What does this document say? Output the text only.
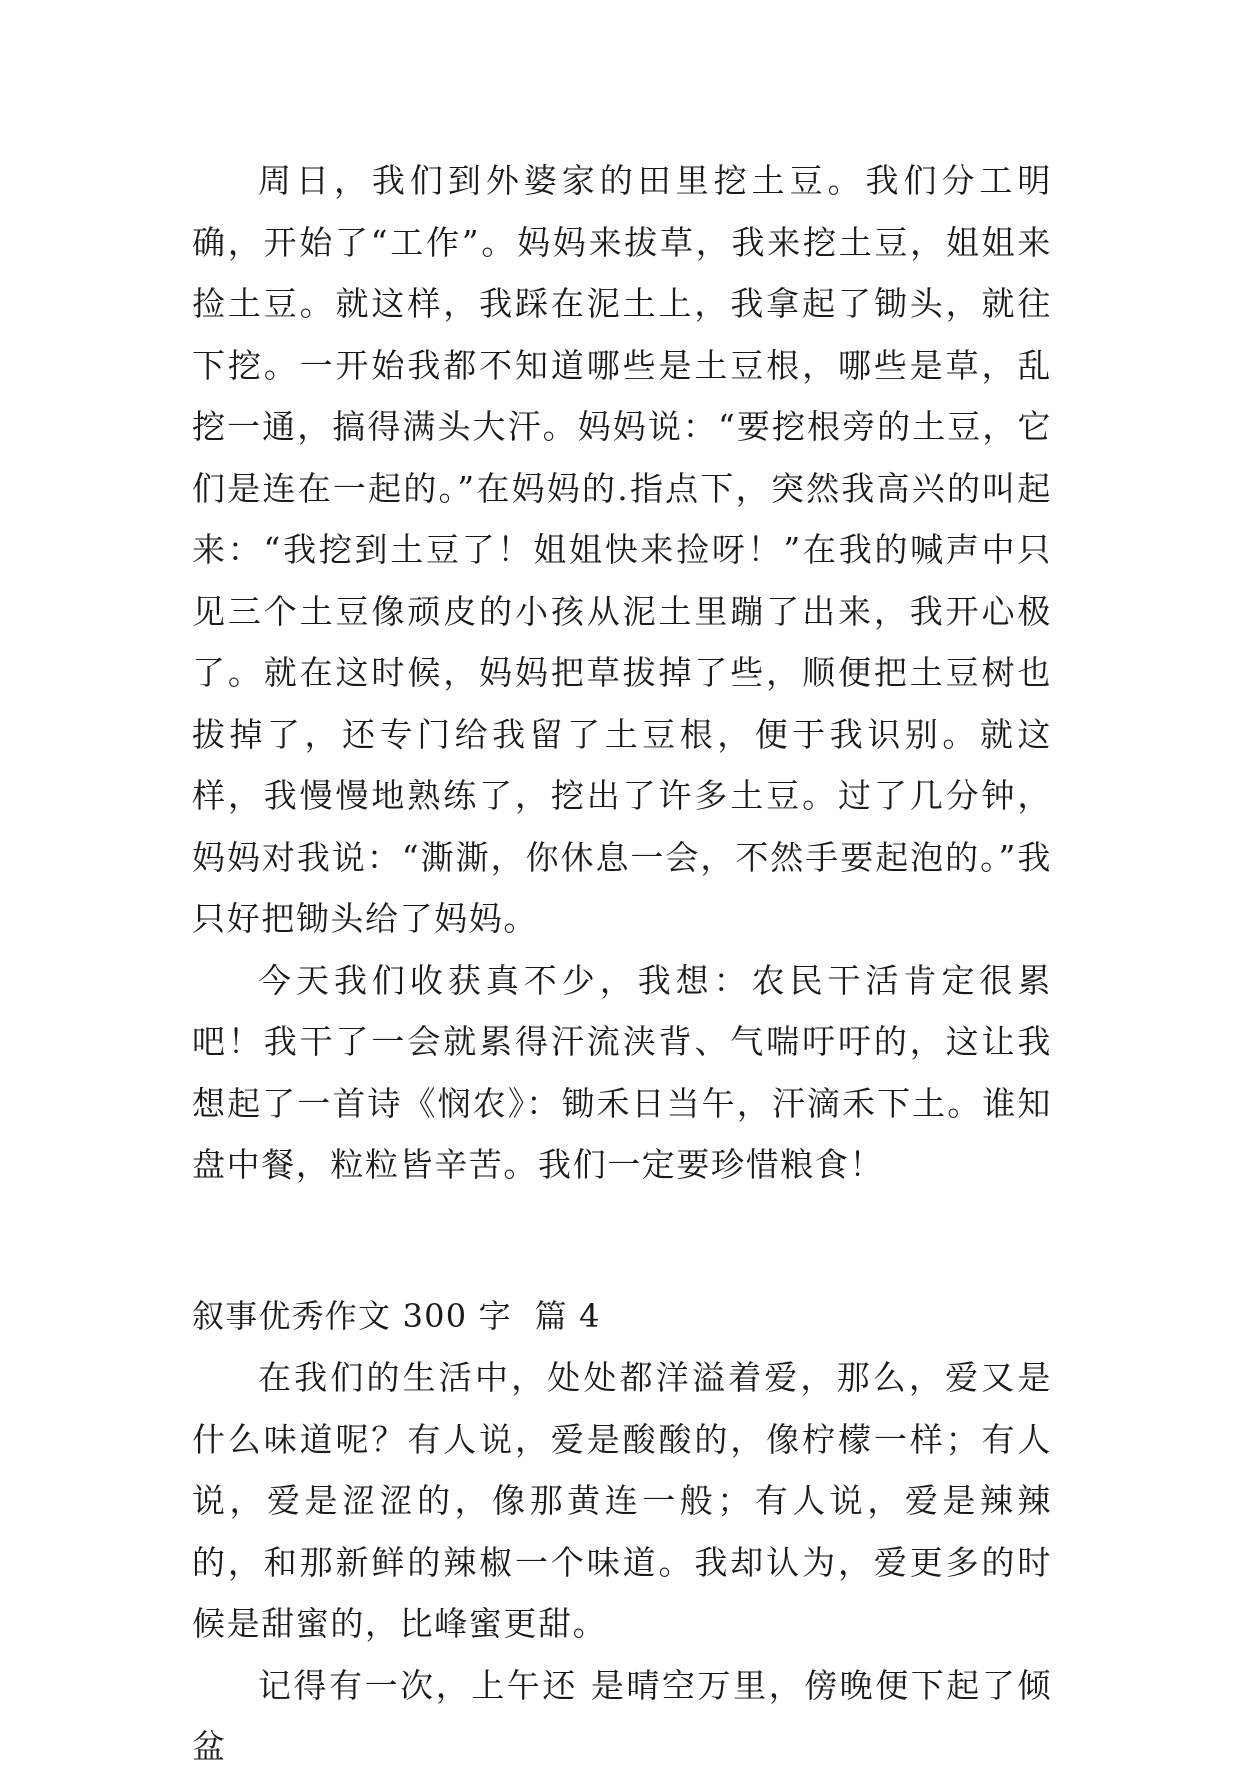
周日，我们到外婆家的田里挖土豆。我们分工明确，开始了“工作”。妈妈来拔草，我来挖土豆，姐姐来捡土豆。就这样，我踩在泥土上，我拿起了锄头，就往下挖。一开始我都不知道哪些是土豆根，哪些是草，乱挖一通，搞得满头大汗。妈妈说：“要挖根旁的土豆，它们是连在一起的。”在妈妈的.指点下，突然我高兴的叫起来：“我挖到土豆了！姐姐快来捡呀！”在我的喊声中只见三个土豆像顽皮的小孩从泥土里蹦了出来，我开心极了。就在这时候，妈妈把草拔掉了些，顺便把土豆树也拔掉了，还专门给我留了土豆根，便于我识别。就这样，我慢慢地熟练了，挖出了许多土豆。过了几分钟，妈妈对我说：“澌澌，你休息一会，不然手要起泡的。”我只好把锄头给了妈妈。

今天我们收获真不少，我想：农民干活肯定很累吧！我干了一会就累得汗流浃背、气喘吁吁的，这让我想起了一首诗《悯农》：锄禾日当午，汗滴禾下土。谁知盘中餐，粒粒皆辛苦。我们一定要珍惜粮食！

叙事优秀作文 300 字  篇 4

在我们的生活中，处处都洋溢着爱，那么，爱又是什么味道呢？有人说，爱是酸酸的，像柠檬一样；有人说，爱是涩涩的，像那黄连一般；有人说，爱是辣辣的，和那新鲜的辣椒一个味道。我却认为，爱更多的时候是甜蜜的，比峰蜜更甜。

记得有一次，上午还 是晴空万里，傍晚便下起了倾盆
